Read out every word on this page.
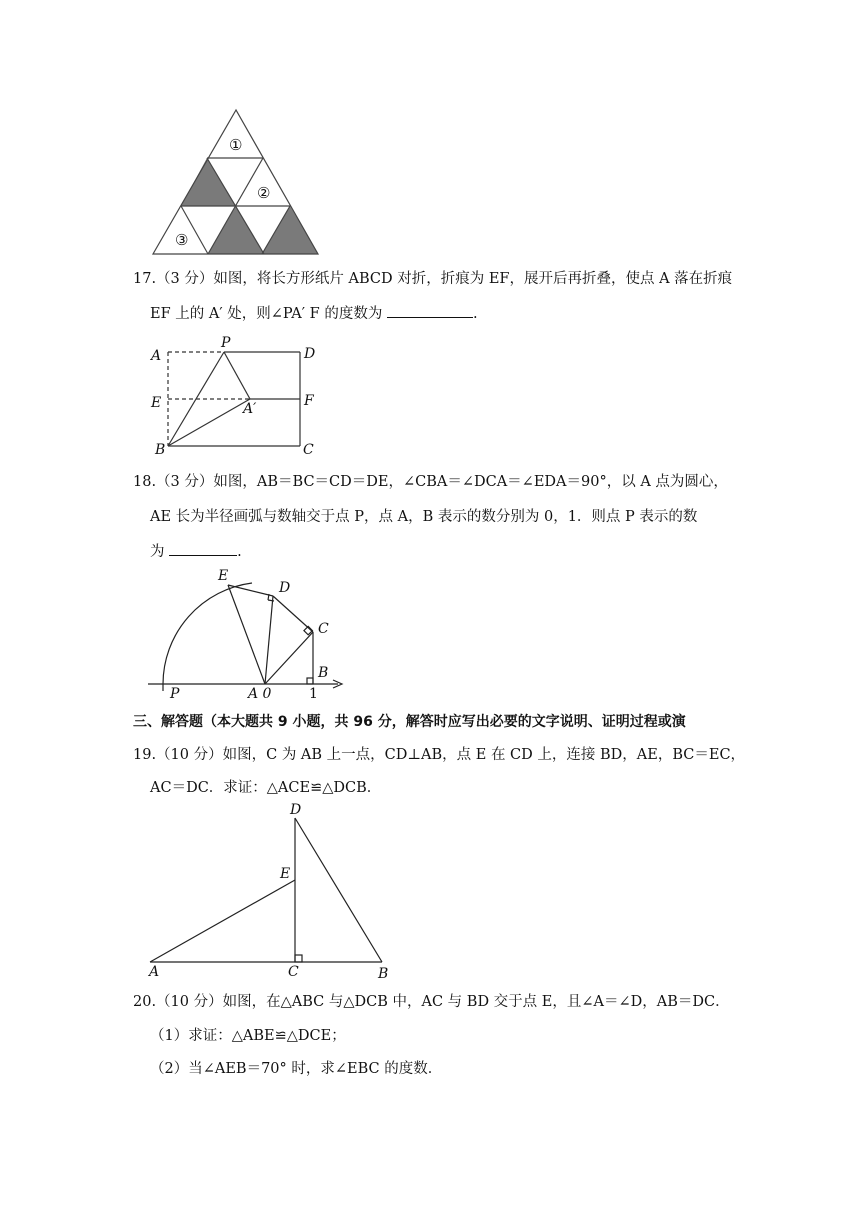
①
②
③
17.（3 分）如图，将长方形纸片 ABCD 对折，折痕为 EF，展开后再折叠，使点 A 落在折痕
EF 上的 A′ 处，则∠PA′ F 的度数为	.
A
P
D
E	A′	F
B	C
18.（3 分）如图，AB＝BC＝CD＝DE，∠CBA＝∠DCA＝∠EDA＝90°，以 A 点为圆心，
AE 长为半径画弧与数轴交于点 P，点 A，B 表示的数分别为 0，1．则点 P 表示的数
为	.
E
D
C
B
P	A 0	1
三、解答题（本大题共 9 小题，共 96 分，解答时应写出必要的文字说明、证明过程或演
19.（10 分）如图，C 为 AB 上一点，CD⊥AB，点 E 在 CD 上，连接 BD，AE，BC＝EC，
AC＝DC．求证：△ACE≌△DCB．
D
E
A	C	B
20.（10 分）如图，在△ABC 与△DCB 中，AC 与 BD 交于点 E，且∠A＝∠D，AB＝DC．
（1）求证：△ABE≌△DCE；
（2）当∠AEB＝70° 时，求∠EBC 的度数．
